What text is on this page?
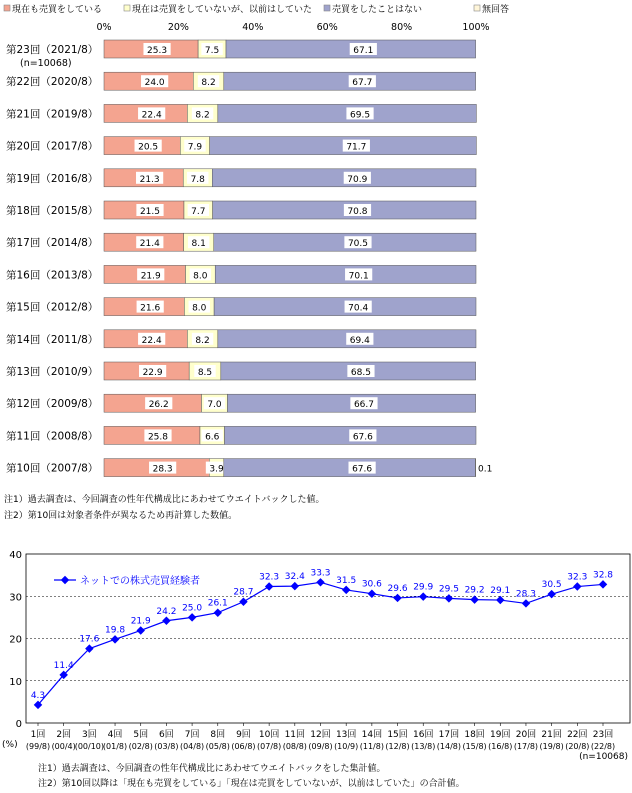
現在も売買をしている	現在は売買をしていないが、以前はしていた 売買をしたことはない	無回答
0%	20%	40%	60%	80%	100%
第23回（2021/8）	25.3	7.5	67.1
(n=10068)
第22回（2020/8）	24.0	8.2	67.7
第21回（2019/8）	22.4	8.2	69.5
第20回（2017/8）	20.5	7.9	71.7
第19回（2016/8）	21.3	7.8	70.9
第18回（2015/8）	21.5	7.7	70.8
第17回（2014/8）	21.4	8.1	70.5
第16回（2013/8）	21.9	8.0	70.1
第15回（2012/8）	21.6	8.0	70.4
第14回（2011/8）	22.4	8.2	69.4
第13回（2010/9）	22.9	8.5	68.5
第12回（2009/8）	26.2	7.0	66.7
第11回（2008/8）	25.8	6.6	67.6
第10回（2007/8）	28.3	3.9	67.6	0.1
注1）過去調査は、今回調査の性年代構成比にあわせてウエイトバックした値。
注2）第10回は対象者条件が異なるため再計算した数値。
0
10
20
30
40
4.3
11.4
17.6
19.8
21.9
24.2 25.0 26.1
28.7
32.3 32.4 33.3
31.5 30.6 29.6 29.9 29.5 29.2 29.1 28.3
30.5
32.3 32.8
ネットでの株式売買経験者
1回
(99/8)
2回
(00/4)
3回
(00/10)
4回
(01/8)
5回
(02/8)
6回
(03/8)
7回
(04/8)
8回
(05/8)
9回
(06/8)
10回
(07/8)
11回
(08/8)
12回
(09/8)
13回
(10/9)
14回
(11/8)
15回
(12/8)
16回
(13/8)
17回
(14/8)
18回
(15/8)
19回
(16/8)
20回
(17/8)
21回
(19/8)
22回
(20/8)
23回
(22/8)
(%)
(n=10068)
注1）過去調査は、今回調査の性年代構成比にあわせてウエイトバックをした集計値。
注2）第10回以降は「現在も売買をしている」「現在は売買をしていないが、以前はしていた」の合計値。
